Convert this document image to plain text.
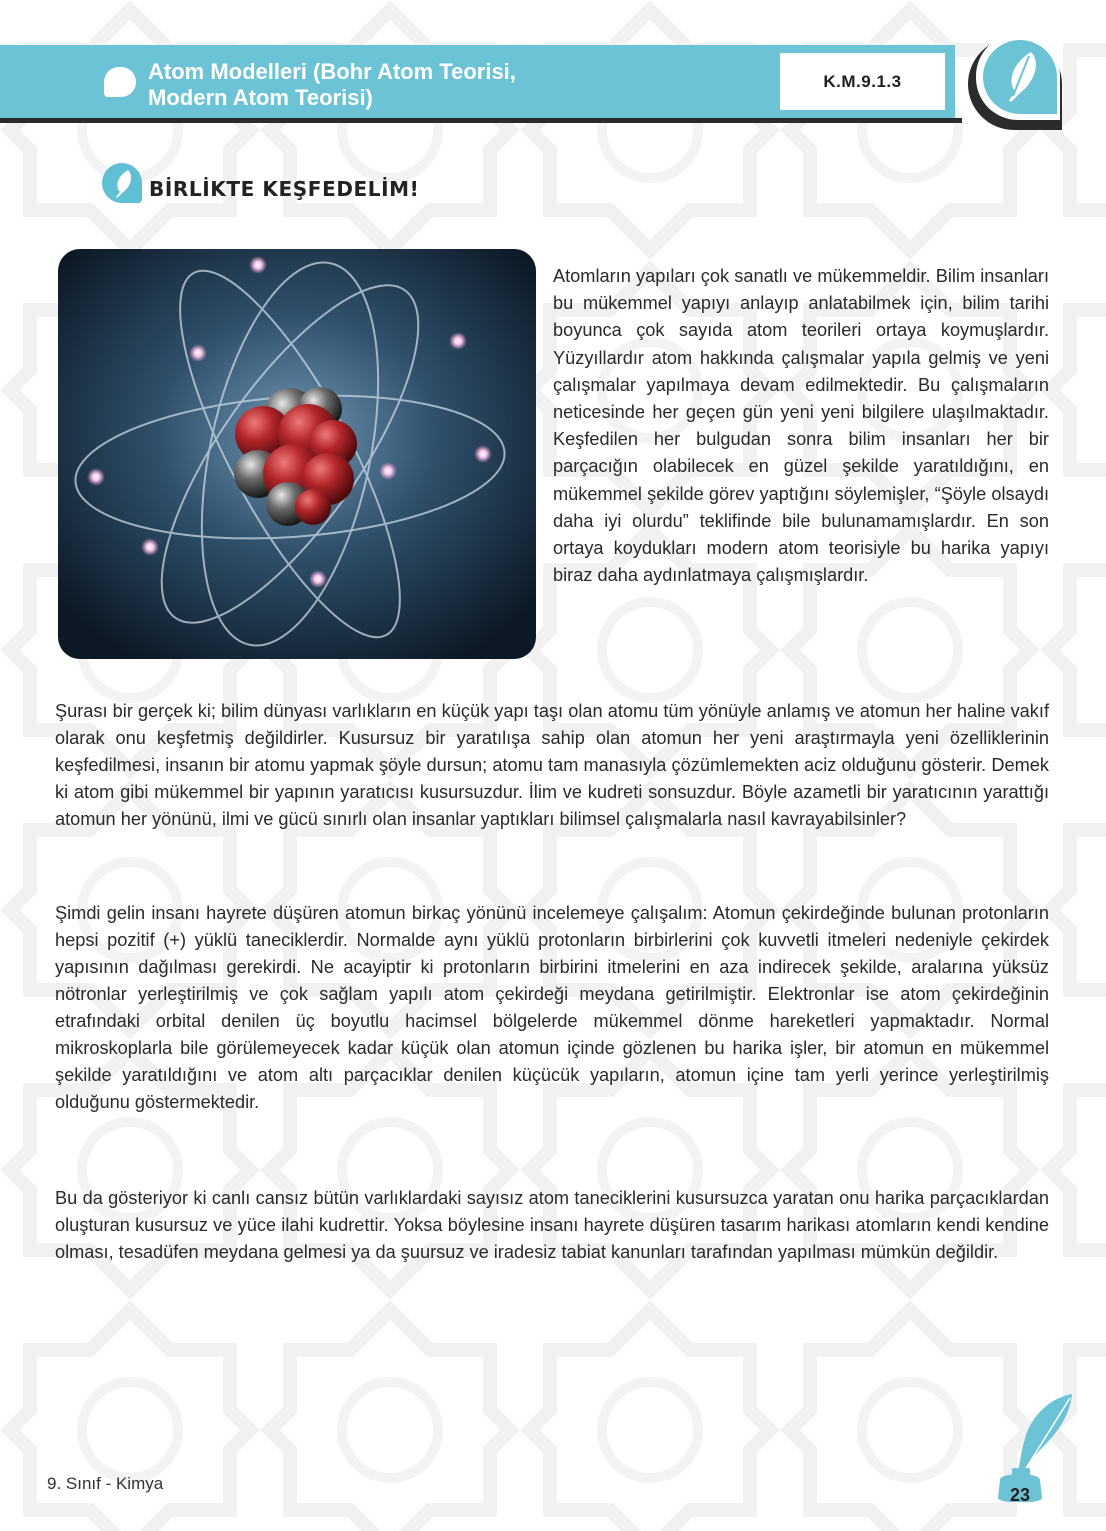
Atom Modelleri (Bohr Atom Teorisi,
Modern Atom Teorisi)
K.M.9.1.3
BİRLİKTE KEŞFEDELİM!
Atomların yapıları çok sanatlı ve mükemmeldir. Bilim insanları bu mükemmel yapıyı anlayıp anlatabilmek için, bilim tarihi boyunca çok sayıda atom teorileri ortaya koymuşlardır. Yüzyıllardır atom hakkında çalışmalar yapıla gelmiş ve yeni çalışmalar yapılmaya devam edilmektedir. Bu çalışmaların neticesinde her geçen gün yeni yeni bilgilere ulaşılmaktadır. Keşfedilen her bulgudan sonra bilim insanları her bir parçacığın olabilecek en güzel şekilde yaratıldığını, en mükemmel şekilde görev yaptığını söylemişler, “Şöyle olsaydı daha iyi olurdu” teklifinde bile bulunamamışlardır. En son ortaya koydukları modern atom teorisiyle bu harika yapıyı biraz daha aydınlatmaya çalışmışlardır.
Şurası bir gerçek ki; bilim dünyası varlıkların en küçük yapı taşı olan atomu tüm yönüyle anlamış ve atomun her haline vakıf olarak onu keşfetmiş değildirler. Kusursuz bir yaratılışa sahip olan atomun her yeni araştırmayla yeni özelliklerinin keşfedilmesi, insanın bir atomu yapmak şöyle dursun; atomu tam manasıyla çözümlemekten aciz olduğunu gösterir. Demek ki atom gibi mükemmel bir yapının yaratıcısı kusursuzdur. İlim ve kudreti sonsuzdur. Böyle azametli bir yaratıcının yarattığı atomun her yönünü, ilmi ve gücü sınırlı olan insanlar yaptıkları bilimsel çalışmalarla nasıl kavrayabilsinler?
Şimdi gelin insanı hayrete düşüren atomun birkaç yönünü incelemeye çalışalım: Atomun çekirdeğinde bulunan protonların hepsi pozitif (+) yüklü taneciklerdir. Normalde aynı yüklü protonların birbirlerini çok kuvvetli itmeleri nedeniyle çekirdek yapısının dağılması gerekirdi. Ne acayiptir ki protonların birbirini itmelerini en aza indirecek şekilde, aralarına yüksüz nötronlar yerleştirilmiş ve çok sağlam yapılı atom çekirdeği meydana getirilmiştir. Elektronlar ise atom çekirdeğinin etrafındaki orbital denilen üç boyutlu hacimsel bölgelerde mükemmel dönme hareketleri yapmaktadır. Normal mikroskoplarla bile görülemeyecek kadar küçük olan atomun içinde gözlenen bu harika işler, bir atomun en mükemmel şekilde yaratıldığını ve atom altı parçacıklar denilen küçücük yapıların, atomun içine tam yerli yerince yerleştirilmiş olduğunu göstermektedir.
Bu da gösteriyor ki canlı cansız bütün varlıklardaki sayısız atom taneciklerini kusursuzca yaratan onu harika parçacıklardan oluşturan kusursuz ve yüce ilahi kudrettir. Yoksa böylesine insanı hayrete düşüren tasarım harikası atomların kendi kendine olması, tesadüfen meydana gelmesi ya da şuursuz ve iradesiz tabiat kanunları tarafından yapılması mümkün değildir.
9. Sınıf - Kimya
23
